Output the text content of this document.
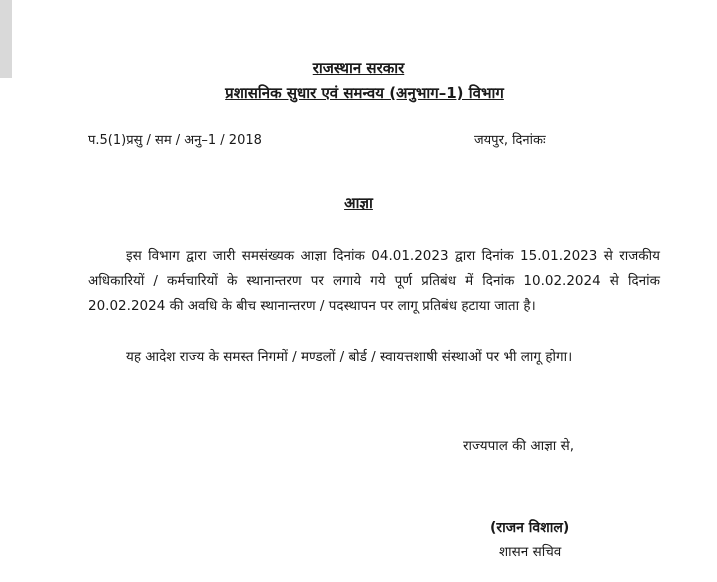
राजस्थान सरकार
प्रशासनिक सुधार एवं समन्वय (अनुभाग–1) विभाग
प.5(1)प्रसु / सम / अनु–1 / 2018	जयपुर, दिनांकः
आज्ञा

इस विभाग द्वारा जारी समसंख्यक आज्ञा दिनांक 04.01.2023 द्वारा दिनांक 15.01.2023 से राजकीय अधिकारियों / कर्मचारियों के स्थानान्तरण पर लगाये गये पूर्ण प्रतिबंध में दिनांक 10.02.2024 से दिनांक 20.02.2024 की अवधि के बीच स्थानान्तरण / पदस्थापन पर लागू प्रतिबंध हटाया जाता है।

यह आदेश राज्य के समस्त निगमों / मण्डलों / बोर्ड / स्वायत्तशाषी संस्थाओं पर भी लागू होगा।

राज्यपाल की आज्ञा से,
(राजन विशाल)
शासन सचिव
